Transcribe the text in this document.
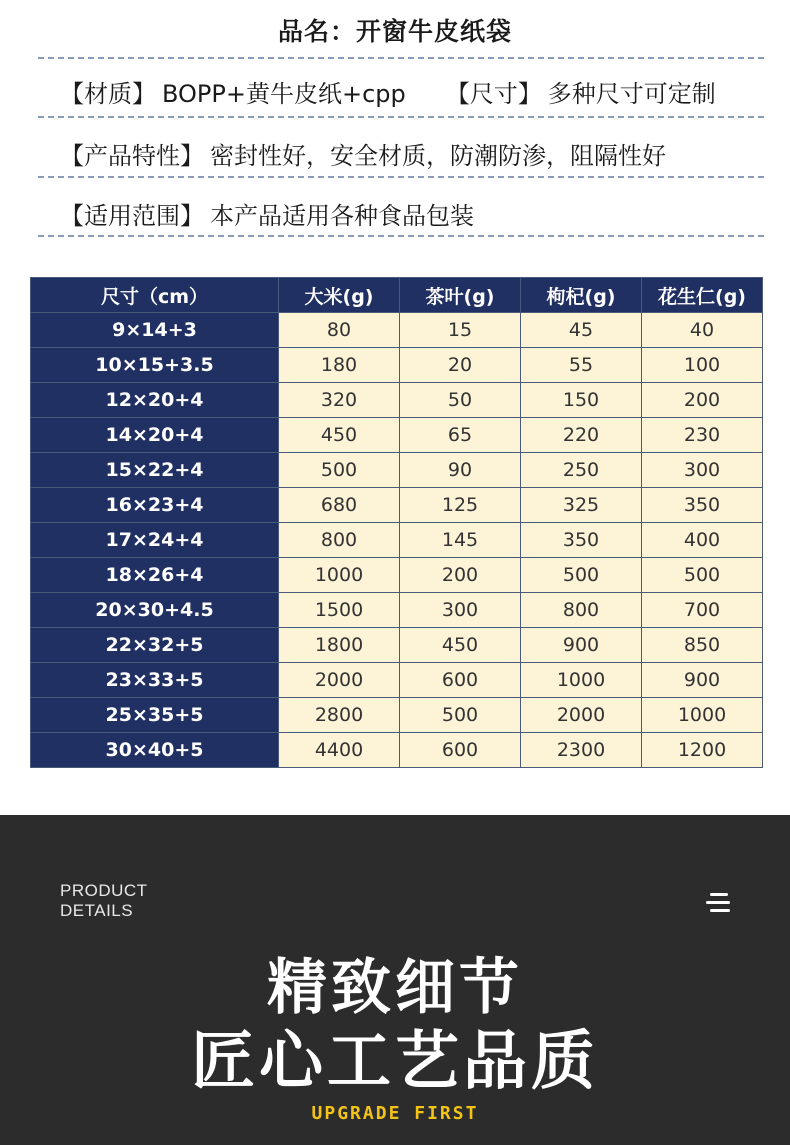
品名：开窗牛皮纸袋
【材质】 BOPP+黄牛皮纸+cpp 【尺寸】 多种尺寸可定制
【产品特性】 密封性好，安全材质，防潮防渗，阻隔性好
【适用范围】 本产品适用各种食品包装
尺寸（cm）	大米(g)	茶叶(g)	枸杞(g)	花生仁(g)
9×14+3	80	15	45	40
10×15+3.5	180	20	55	100
12×20+4	320	50	150	200
14×20+4	450	65	220	230
15×22+4	500	90	250	300
16×23+4	680	125	325	350
17×24+4	800	145	350	400
18×26+4	1000	200	500	500
20×30+4.5	1500	300	800	700
22×32+5	1800	450	900	850
23×33+5	2000	600	1000	900
25×35+5	2800	500	2000	1000
30×40+5	4400	600	2300	1200
PRODUCT
DETAILS
精致细节
匠心工艺品质
UPGRADE FIRST
